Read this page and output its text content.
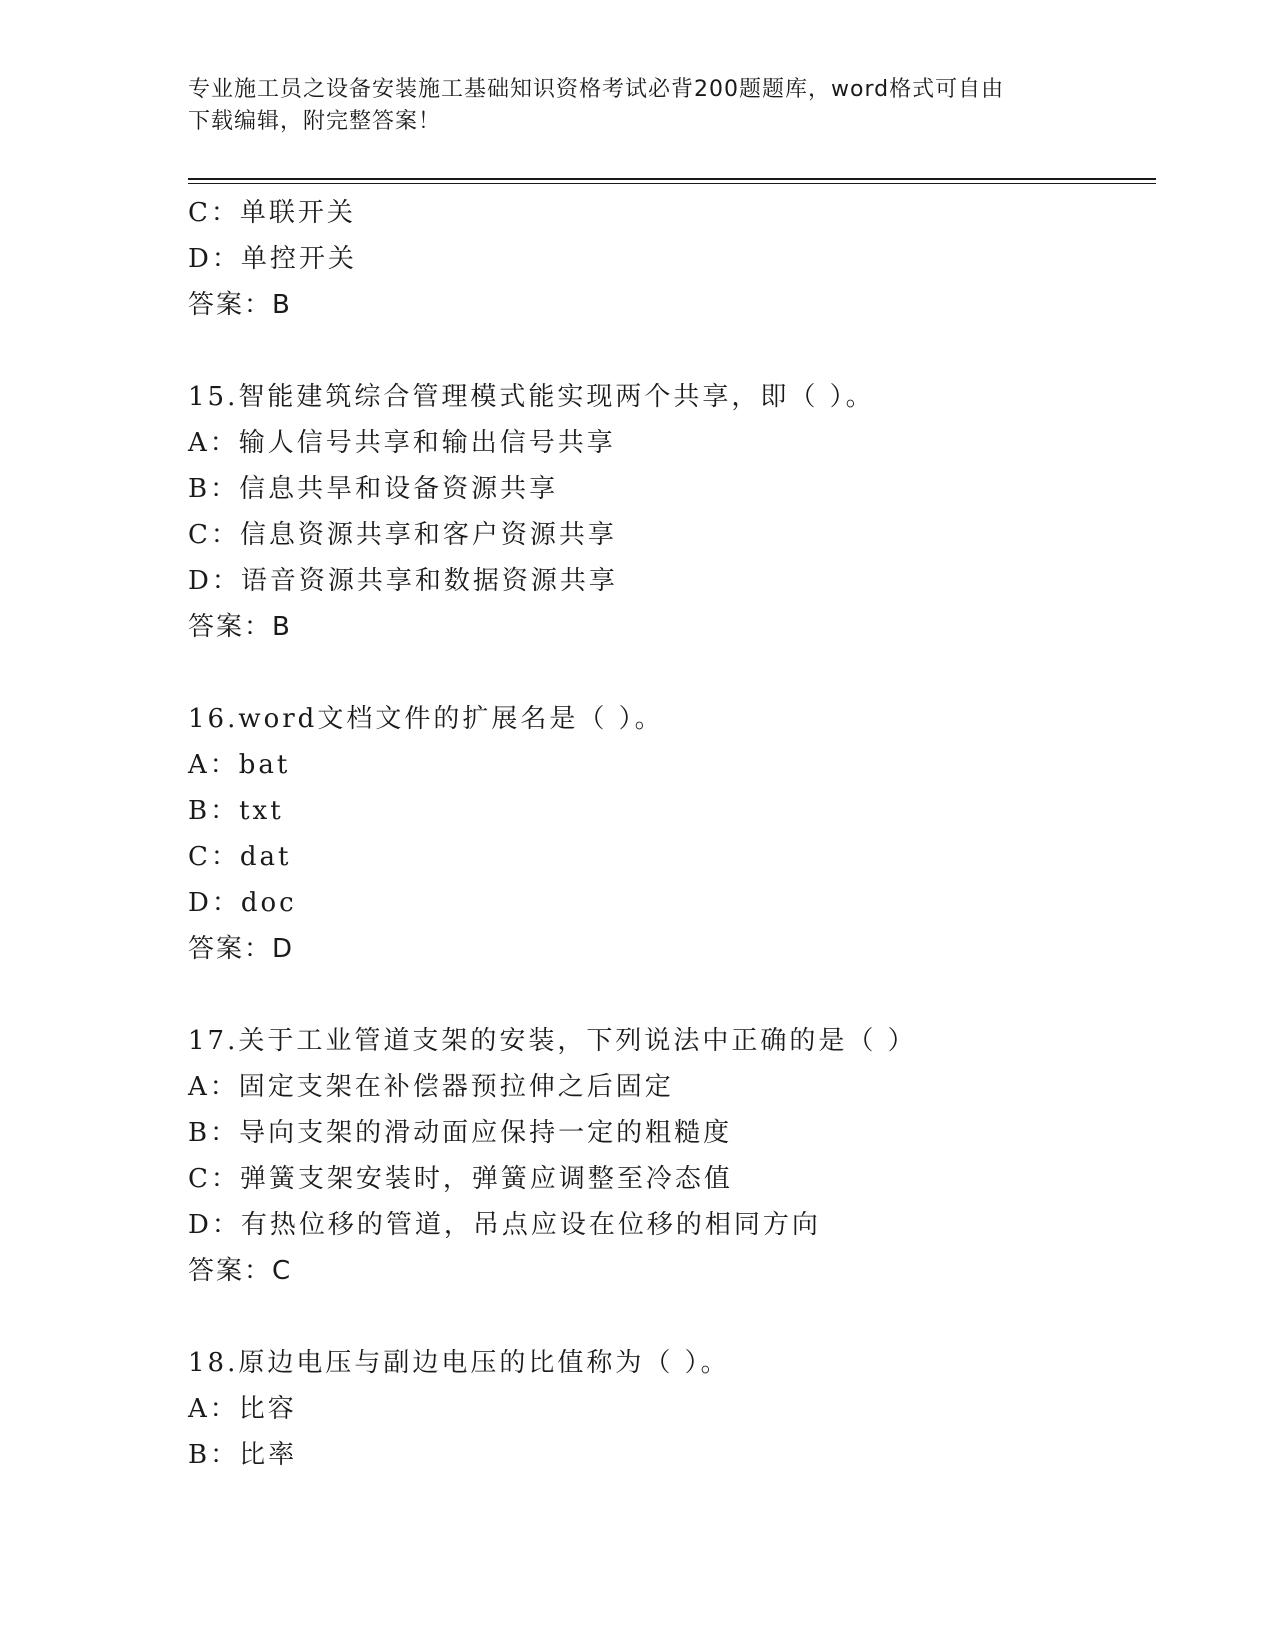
专业施工员之设备安装施工基础知识资格考试必背200题题库，word格式可自由
下载编辑，附完整答案！
C：单联开关
D：单控开关
答案：B
15.智能建筑综合管理模式能实现两个共享，即（ ）。
A：输人信号共享和输出信号共享
B：信息共旱和设备资源共享
C：信息资源共享和客户资源共享
D：语音资源共享和数据资源共享
答案：B
16.word文档文件的扩展名是（ ）。
A：bat
B：txt
C：dat
D：doc
答案：D
17.关于工业管道支架的安装，下列说法中正确的是（ ）
A：固定支架在补偿器预拉伸之后固定
B：导向支架的滑动面应保持一定的粗糙度
C：弹簧支架安装时，弹簧应调整至冷态值
D：有热位移的管道，吊点应设在位移的相同方向
答案：C
18.原边电压与副边电压的比值称为（ ）。
A：比容
B：比率
